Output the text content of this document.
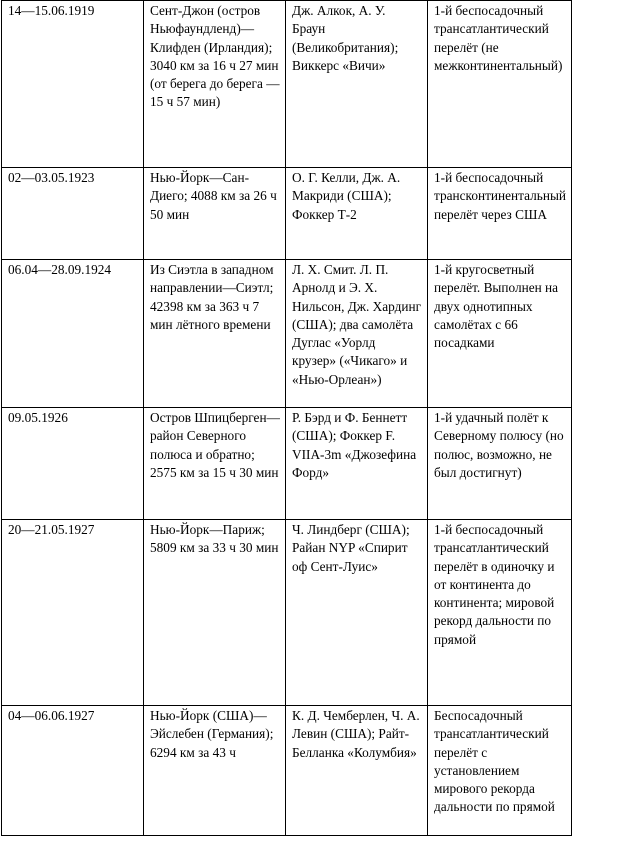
14—15.06.1919	Сент-Джон (остров Ньюфаундленд)—Клифден (Ирландия); 3040 км за 16 ч 27 мин (от берега до берега —15 ч 57 мин)	Дж. Алкок, А. У. Браун (Великобритания); Виккерс «Вичи»	1-й беспосадочный трансатлантический перелёт (не межконтинентальный)
02—03.05.1923	Нью-Йорк—Сан-Диего; 4088 км за 26 ч 50 мин	О. Г. Келли, Дж. А. Макриди (США); Фоккер Т-2	1-й беспосадочный трансконтинентальный перелёт через США
06.04—28.09.1924	Из Сиэтла в западном направлении—Сиэтл; 42398 км за 363 ч 7 мин лётного времени	Л. Х. Смит. Л. П. Арнолд и Э. Х. Нильсон, Дж. Хардинг (США); два самолёта Дуглас «Уорлд крузер» («Чикаго» и «Нью-Орлеан»)	1-й кругосветный перелёт. Выполнен на двух однотипных самолётах с 66 посадками
09.05.1926	Остров Шпицберген—район Северного полюса и обратно; 2575 км за 15 ч 30 мин	Р. Бэрд и Ф. Беннетт (США); Фоккер F. VIIA-3m «Джозефина Форд»	1-й удачный полёт к Северному полюсу (но полюс, возможно, не был достигнут)
20—21.05.1927	Нью-Йорк—Париж; 5809 км за 33 ч 30 мин	Ч. Линдберг (США); Райан NYP «Спирит оф Сент-Луис»	1-й беспосадочный трансатлантический перелёт в одиночку и от континента до континента; мировой рекорд дальности по прямой
04—06.06.1927	Нью-Йорк (США)—Эйслебен (Германия); 6294 км за 43 ч	К. Д. Чемберлен, Ч. А. Левин (США); Райт-Белланка «Колумбия»	Беспосадочный трансатлантический перелёт с установлением мирового рекорда дальности по прямой
